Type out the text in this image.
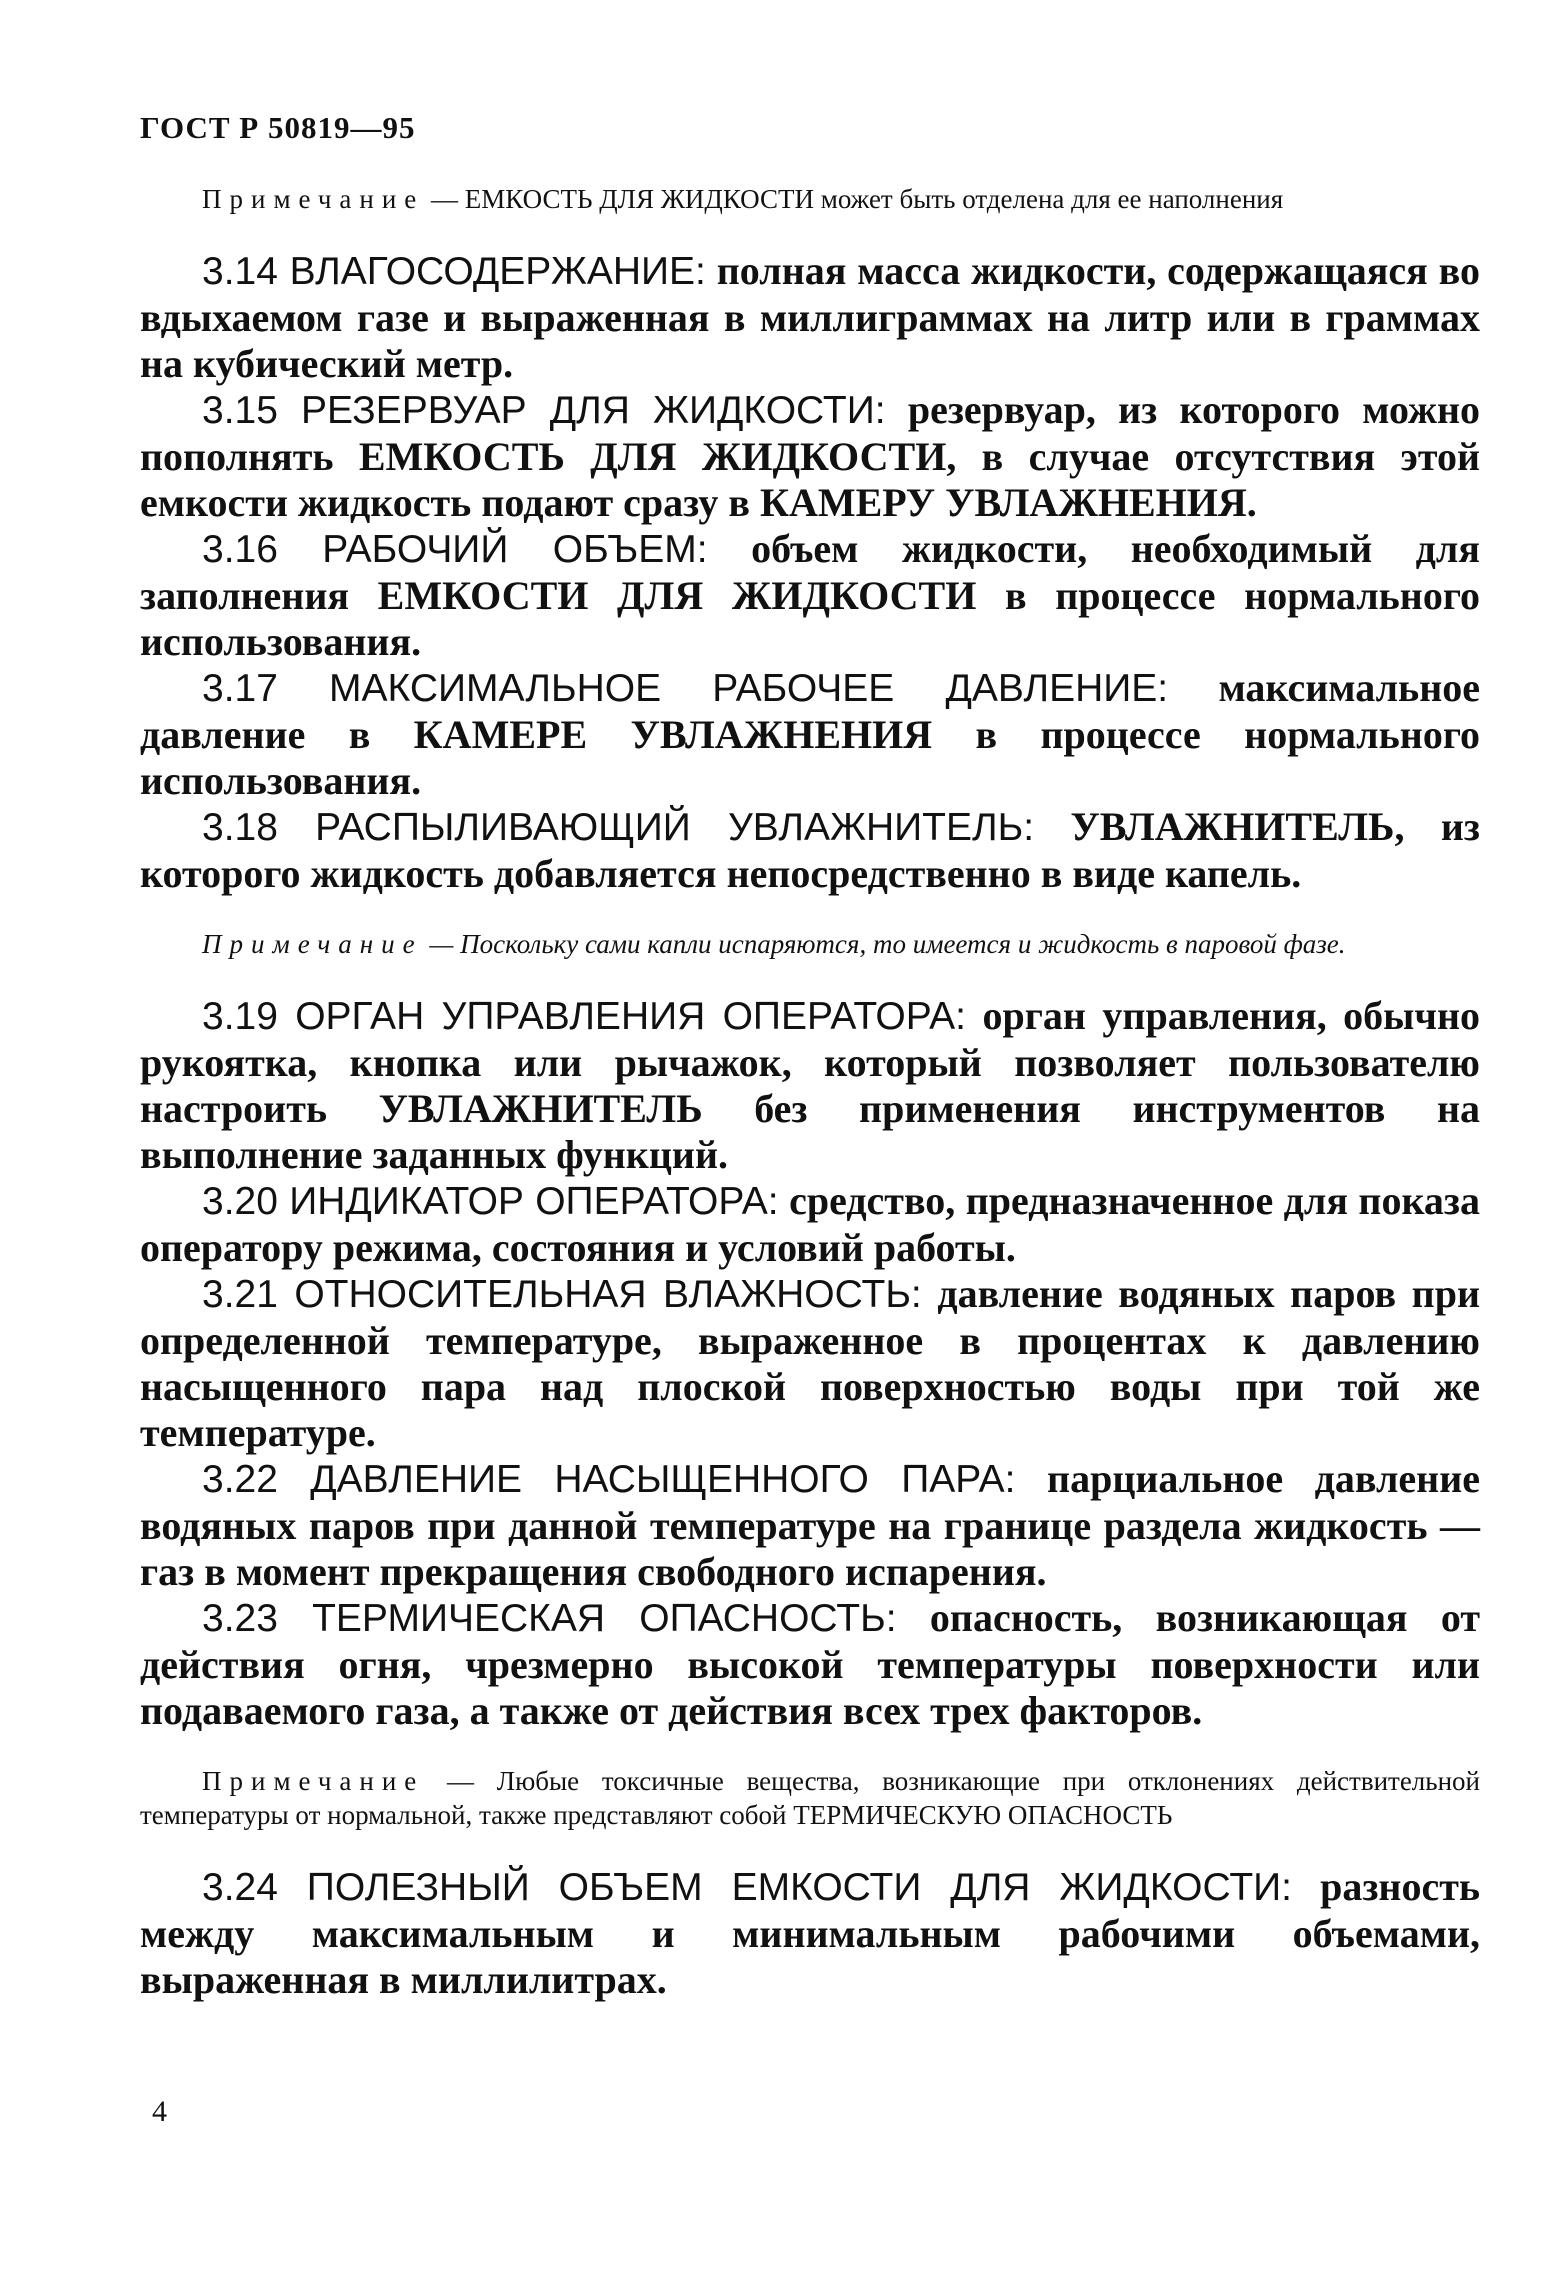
ГОСТ Р 50819—95

Примечание — ЕМКОСТЬ ДЛЯ ЖИДКОСТИ может быть отделена для ее наполнения

3.14 ВЛАГОСОДЕРЖАНИЕ: полная масса жидкости, содержащаяся во вдыхаемом газе и выраженная в миллиграммах на литр или в граммах на кубический метр.

3.15 РЕЗЕРВУАР ДЛЯ ЖИДКОСТИ: резервуар, из которого можно пополнять ЕМКОСТЬ ДЛЯ ЖИДКОСТИ, в случае отсутствия этой емкости жидкость подают сразу в КАМЕРУ УВЛАЖНЕНИЯ.

3.16 РАБОЧИЙ ОБЪЕМ: объем жидкости, необходимый для заполнения ЕМКОСТИ ДЛЯ ЖИДКОСТИ в процессе нормального использования.

3.17 МАКСИМАЛЬНОЕ РАБОЧЕЕ ДАВЛЕНИЕ: максимальное давление в КАМЕРЕ УВЛАЖНЕНИЯ в процессе нормального использования.

3.18 РАСПЫЛИВАЮЩИЙ УВЛАЖНИТЕЛЬ: УВЛАЖНИТЕЛЬ, из которого жидкость добавляется непосредственно в виде капель.

Примечание — Поскольку сами капли испаряются, то имеется и жидкость в паровой фазе.

3.19 ОРГАН УПРАВЛЕНИЯ ОПЕРАТОРА: орган управления, обычно рукоятка, кнопка или рычажок, который позволяет пользователю настроить УВЛАЖНИТЕЛЬ без применения инструментов на выполнение заданных функций.

3.20 ИНДИКАТОР ОПЕРАТОРА: средство, предназначенное для показа оператору режима, состояния и условий работы.

3.21 ОТНОСИТЕЛЬНАЯ ВЛАЖНОСТЬ: давление водяных паров при определенной температуре, выраженное в процентах к давлению насыщенного пара над плоской поверхностью воды при той же температуре.

3.22 ДАВЛЕНИЕ НАСЫЩЕННОГО ПАРА: парциальное давление водяных паров при данной температуре на границе раздела жидкость — газ в момент прекращения свободного испарения.

3.23 ТЕРМИЧЕСКАЯ ОПАСНОСТЬ: опасность, возникающая от действия огня, чрезмерно высокой температуры поверхности или подаваемого газа, а также от действия всех трех факторов.

Примечание — Любые токсичные вещества, возникающие при отклонениях действительной температуры от нормальной, также представляют собой ТЕРМИЧЕСКУЮ ОПАСНОСТЬ

3.24 ПОЛЕЗНЫЙ ОБЪЕМ ЕМКОСТИ ДЛЯ ЖИДКОСТИ: разность между максимальным и минимальным рабочими объемами, выраженная в миллилитрах.

4
